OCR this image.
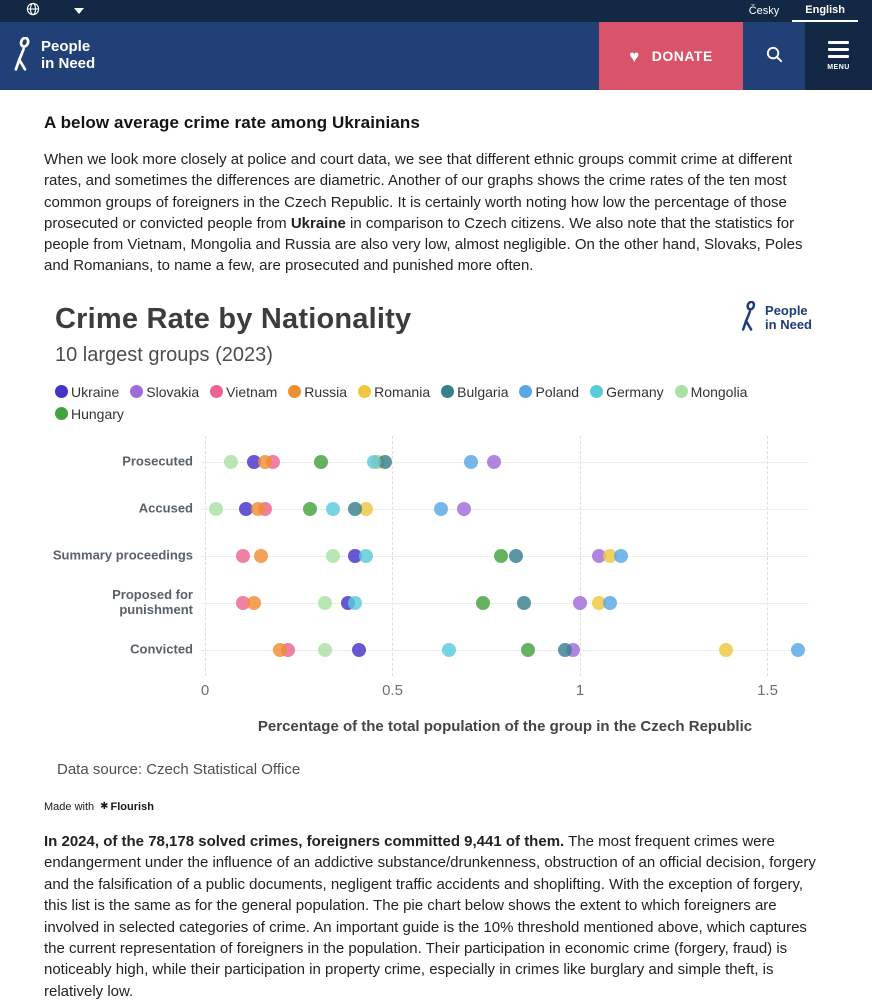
Česky	English
People
in Need	♥ DONATE
MENU
A below average crime rate among Ukrainians

When we look more closely at police and court data, we see that different ethnic groups commit crime at different rates, and sometimes the differences are diametric. Another of our graphs shows the crime rates of the ten most common groups of foreigners in the Czech Republic. It is certainly worth noting how low the percentage of those prosecuted or convicted people from Ukraine in comparison to Czech citizens. We also note that the statistics for people from Vietnam, Mongolia and Russia are also very low, almost negligible. On the other hand, Slovaks, Poles and Romanians, to name a few, are prosecuted and punished more often.

Crime Rate by Nationality
10 largest groups (2023)
People
in Need
Ukraine Slovakia Vietnam Russia Romania Bulgaria Poland Germany Mongolia
Hungary
0	0.5	1	1.5
Prosecuted
Accused
Summary proceedings
Proposed for punishment
Convicted
Percentage of the total population of the group in the Czech Republic
Data source: Czech Statistical Office
Made with ✱ Flourish

In 2024, of the 78,178 solved crimes, foreigners committed 9,441 of them. The most frequent crimes were endangerment under the influence of an addictive substance/drunkenness, obstruction of an official decision, forgery and the falsification of a public documents, negligent traffic accidents and shoplifting. With the exception of forgery, this list is the same as for the general population. The pie chart below shows the extent to which foreigners are involved in selected categories of crime. An important guide is the 10% threshold mentioned above, which captures the current representation of foreigners in the population. Their participation in economic crime (forgery, fraud) is noticeably high, while their participation in property crime, especially in crimes like burglary and simple theft, is relatively low.
